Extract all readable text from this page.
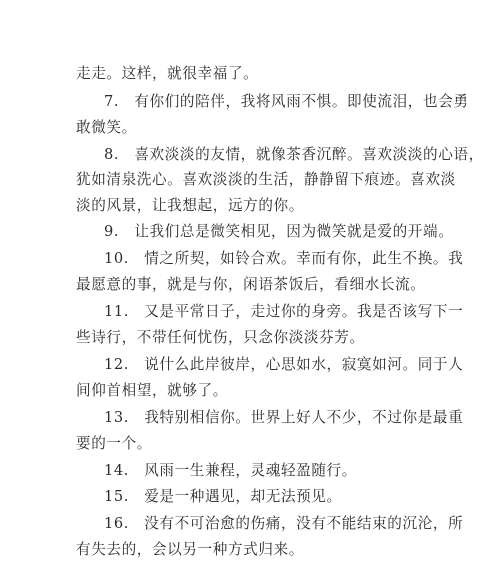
走走。这样，就很幸福了。
7.　有你们的陪伴，我将风雨不惧。即使流泪，也会勇
敢微笑。
8.　喜欢淡淡的友情，就像茶香沉醉。喜欢淡淡的心语，
犹如清泉洗心。喜欢淡淡的生活，静静留下痕迹。喜欢淡
淡的风景，让我想起，远方的你。
9.　让我们总是微笑相见，因为微笑就是爱的开端。
10.　情之所契，如铃合欢。幸而有你，此生不换。我
最愿意的事，就是与你，闲语茶饭后，看细水长流。
11.　又是平常日子，走过你的身旁。我是否该写下一
些诗行，不带任何忧伤，只念你淡淡芬芳。
12.　说什么此岸彼岸，心思如水，寂寞如河。同于人
间仰首相望，就够了。
13.　我特别相信你。世界上好人不少，不过你是最重
要的一个。
14.　风雨一生兼程，灵魂轻盈随行。
15.　爱是一种遇见，却无法预见。
16.　没有不可治愈的伤痛，没有不能结束的沉沦，所
有失去的，会以另一种方式归来。
